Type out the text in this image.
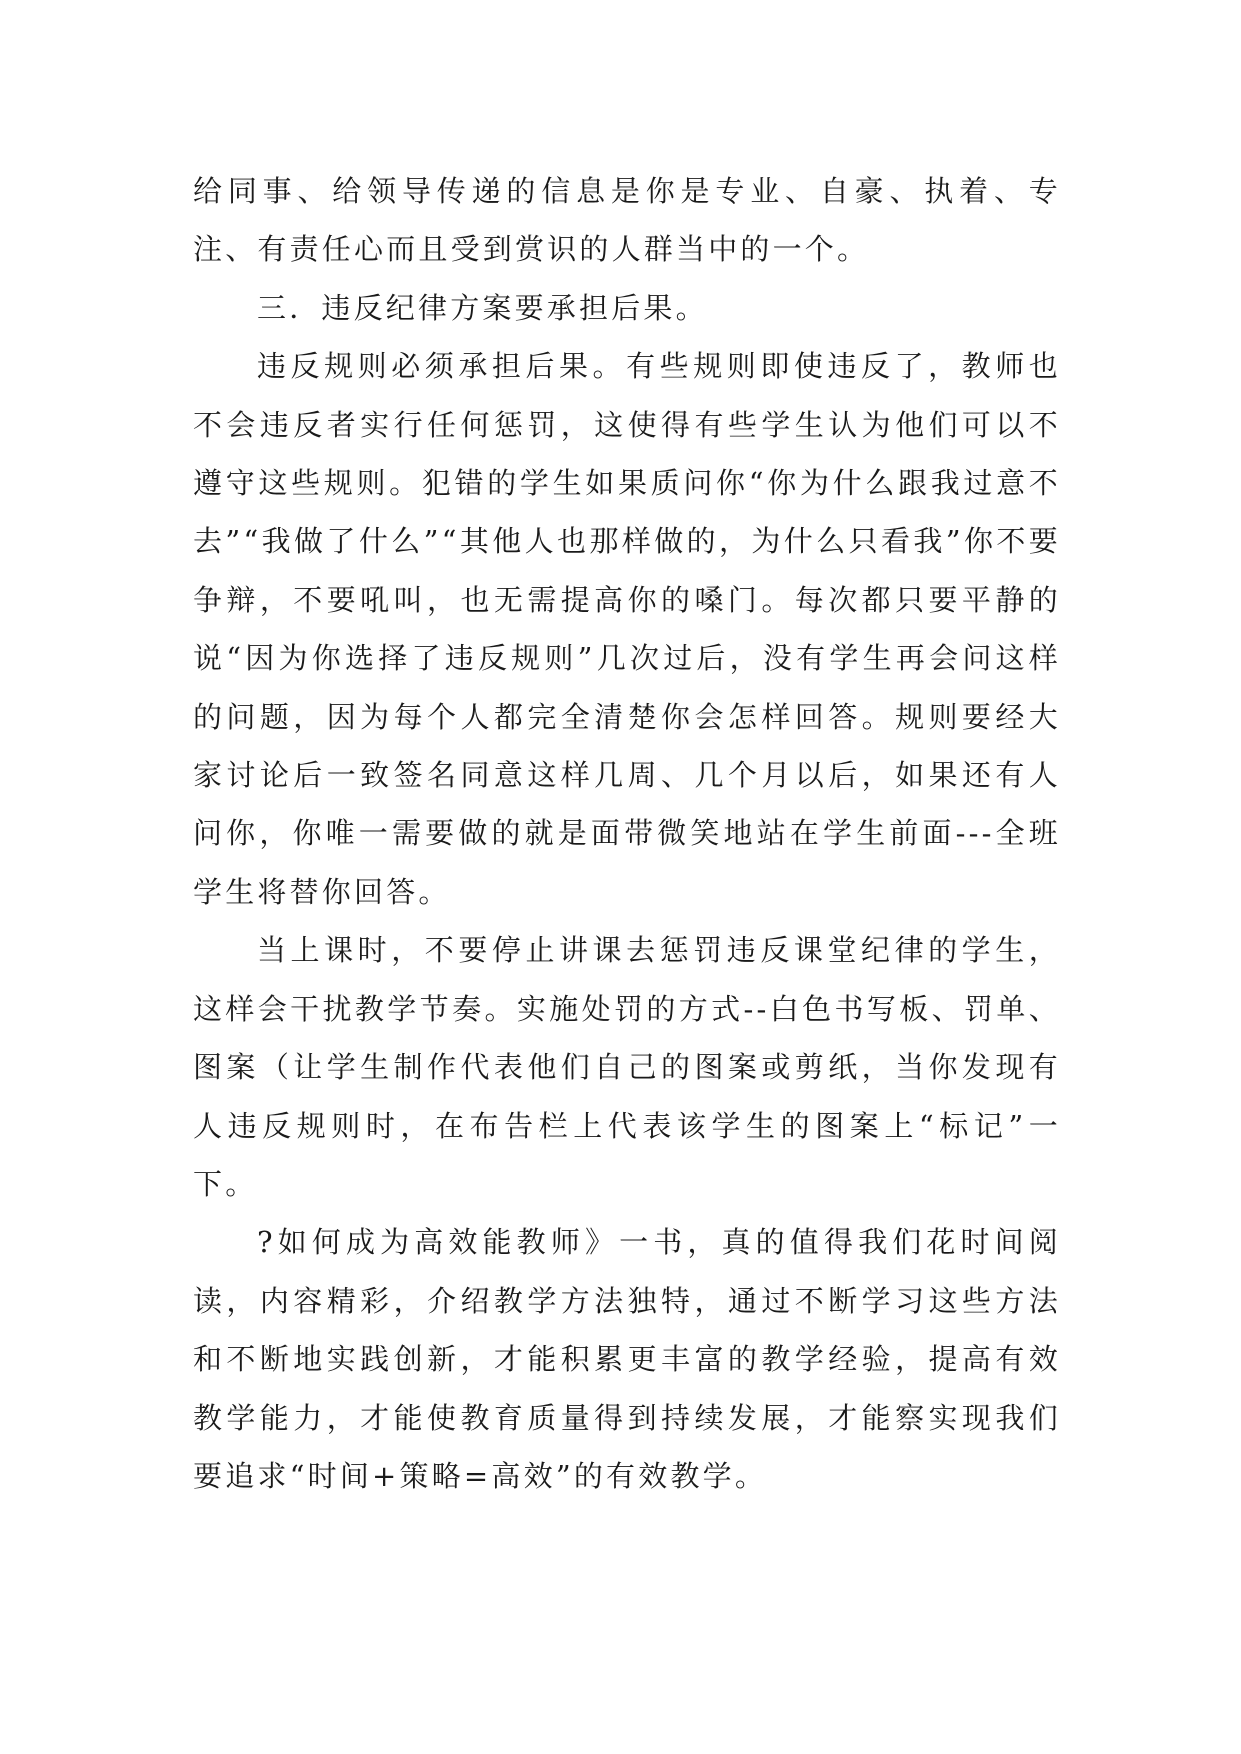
给同事、给领导传递的信息是你是专业、自豪、执着、专注、有责任心而且受到赏识的人群当中的一个。

三．违反纪律方案要承担后果。

违反规则必须承担后果。有些规则即使违反了，教师也不会违反者实行任何惩罚，这使得有些学生认为他们可以不遵守这些规则。犯错的学生如果质问你“你为什么跟我过意不去”“我做了什么”“其他人也那样做的，为什么只看我”你不要争辩，不要吼叫，也无需提高你的嗓门。每次都只要平静的说“因为你选择了违反规则”几次过后，没有学生再会问这样的问题，因为每个人都完全清楚你会怎样回答。规则要经大家讨论后一致签名同意这样几周、几个月以后，如果还有人问你，你唯一需要做的就是面带微笑地站在学生前面---全班学生将替你回答。

当上课时，不要停止讲课去惩罚违反课堂纪律的学生，这样会干扰教学节奏。实施处罚的方式--白色书写板、罚单、图案（让学生制作代表他们自己的图案或剪纸，当你发现有人违反规则时，在布告栏上代表该学生的图案上“标记”一下。

?如何成为高效能教师》一书，真的值得我们花时间阅读，内容精彩，介绍教学方法独特，通过不断学习这些方法和不断地实践创新，才能积累更丰富的教学经验，提高有效教学能力，才能使教育质量得到持续发展，才能察实现我们要追求“时间+策略=高效”的有效教学。
